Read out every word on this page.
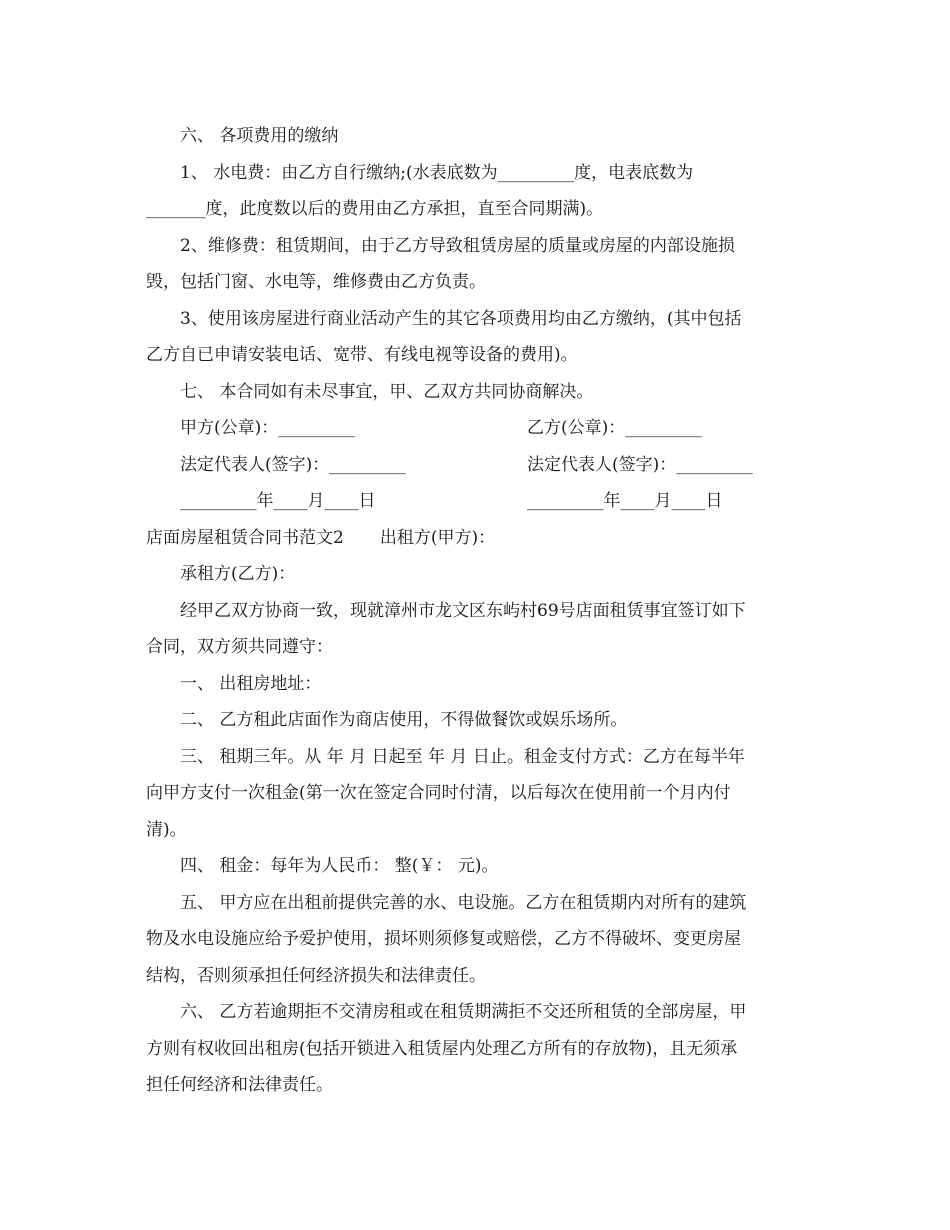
六、 各项费用的缴纳
1、 水电费：由乙方自行缴纳;(水表底数为_________度，电表底数为
_______度，此度数以后的费用由乙方承担，直至合同期满)。
2、维修费：租赁期间，由于乙方导致租赁房屋的质量或房屋的内部设施损
毁，包括门窗、水电等，维修费由乙方负责。
3、使用该房屋进行商业活动产生的其它各项费用均由乙方缴纳，(其中包括
乙方自已申请安装电话、宽带、有线电视等设备的费用)。
七、 本合同如有未尽事宜，甲、乙双方共同协商解决。
甲方(公章)：_________	乙方(公章)：_________
法定代表人(签字)：_________	法定代表人(签字)：_________
_________年____月____日	_________年____月____日
店面房屋租赁合同书范文2 出租方(甲方)：
承租方(乙方)：
经甲乙双方协商一致，现就漳州市龙文区东屿村69号店面租赁事宜签订如下
合同，双方须共同遵守：
一、 出租房地址：
二、 乙方租此店面作为商店使用，不得做餐饮或娱乐场所。
三、 租期三年。从 年 月 日起至 年 月 日止。租金支付方式：乙方在每半年
向甲方支付一次租金(第一次在签定合同时付清，以后每次在使用前一个月内付
清)。
四、 租金：每年为人民币： 整(￥： 元)。
五、 甲方应在出租前提供完善的水、电设施。乙方在租赁期内对所有的建筑
物及水电设施应给予爱护使用，损坏则须修复或赔偿，乙方不得破坏、变更房屋
结构，否则须承担任何经济损失和法律责任。
六、 乙方若逾期拒不交清房租或在租赁期满拒不交还所租赁的全部房屋，甲
方则有权收回出租房(包括开锁进入租赁屋内处理乙方所有的存放物)，且无须承
担任何经济和法律责任。
